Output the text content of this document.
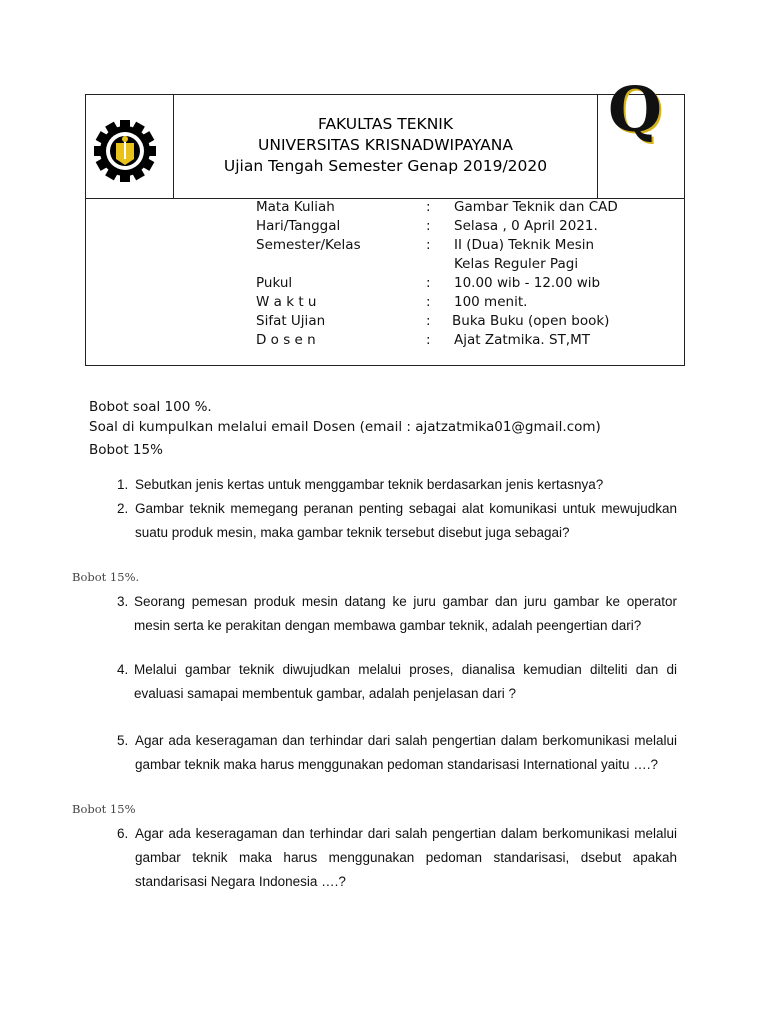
FAKULTAS TEKNIK
UNIVERSITAS KRISNADWIPAYANA
Ujian Tengah Semester Genap 2019/2020
Q
Mata Kuliah	: Gambar Teknik dan CAD
Hari/Tanggal	: Selasa , 0 April 2021.
Semester/Kelas	: II (Dua) Teknik Mesin
Kelas Reguler Pagi
Pukul	: 10.00 wib - 12.00 wib
W a k t u	: 100 menit.
Sifat Ujian	: Buka Buku (open book)
D o s e n	: Ajat Zatmika. ST,MT
Bobot soal 100 %.
Soal di kumpulkan melalui email Dosen (email : ajatzatmika01@gmail.com)
Bobot 15%
1. Sebutkan jenis kertas untuk menggambar teknik berdasarkan jenis kertasnya?
2. Gambar teknik memegang peranan penting sebagai alat komunikasi untuk mewujudkan suatu produk mesin, maka gambar teknik tersebut disebut juga sebagai?
Bobot 15%.
3. Seorang pemesan produk mesin datang ke juru gambar dan juru gambar ke operator mesin serta ke perakitan dengan membawa gambar teknik, adalah peengertian dari?
4. Melalui gambar teknik diwujudkan melalui proses, dianalisa kemudian dilteliti dan di evaluasi samapai membentuk gambar, adalah penjelasan dari ?
5. Agar ada keseragaman dan terhindar dari salah pengertian dalam berkomunikasi melalui gambar teknik maka harus menggunakan pedoman standarisasi International yaitu ….?
Bobot 15%
6. Agar ada keseragaman dan terhindar dari salah pengertian dalam berkomunikasi melalui gambar teknik maka harus menggunakan pedoman standarisasi, dsebut apakah standarisasi Negara Indonesia ….?
